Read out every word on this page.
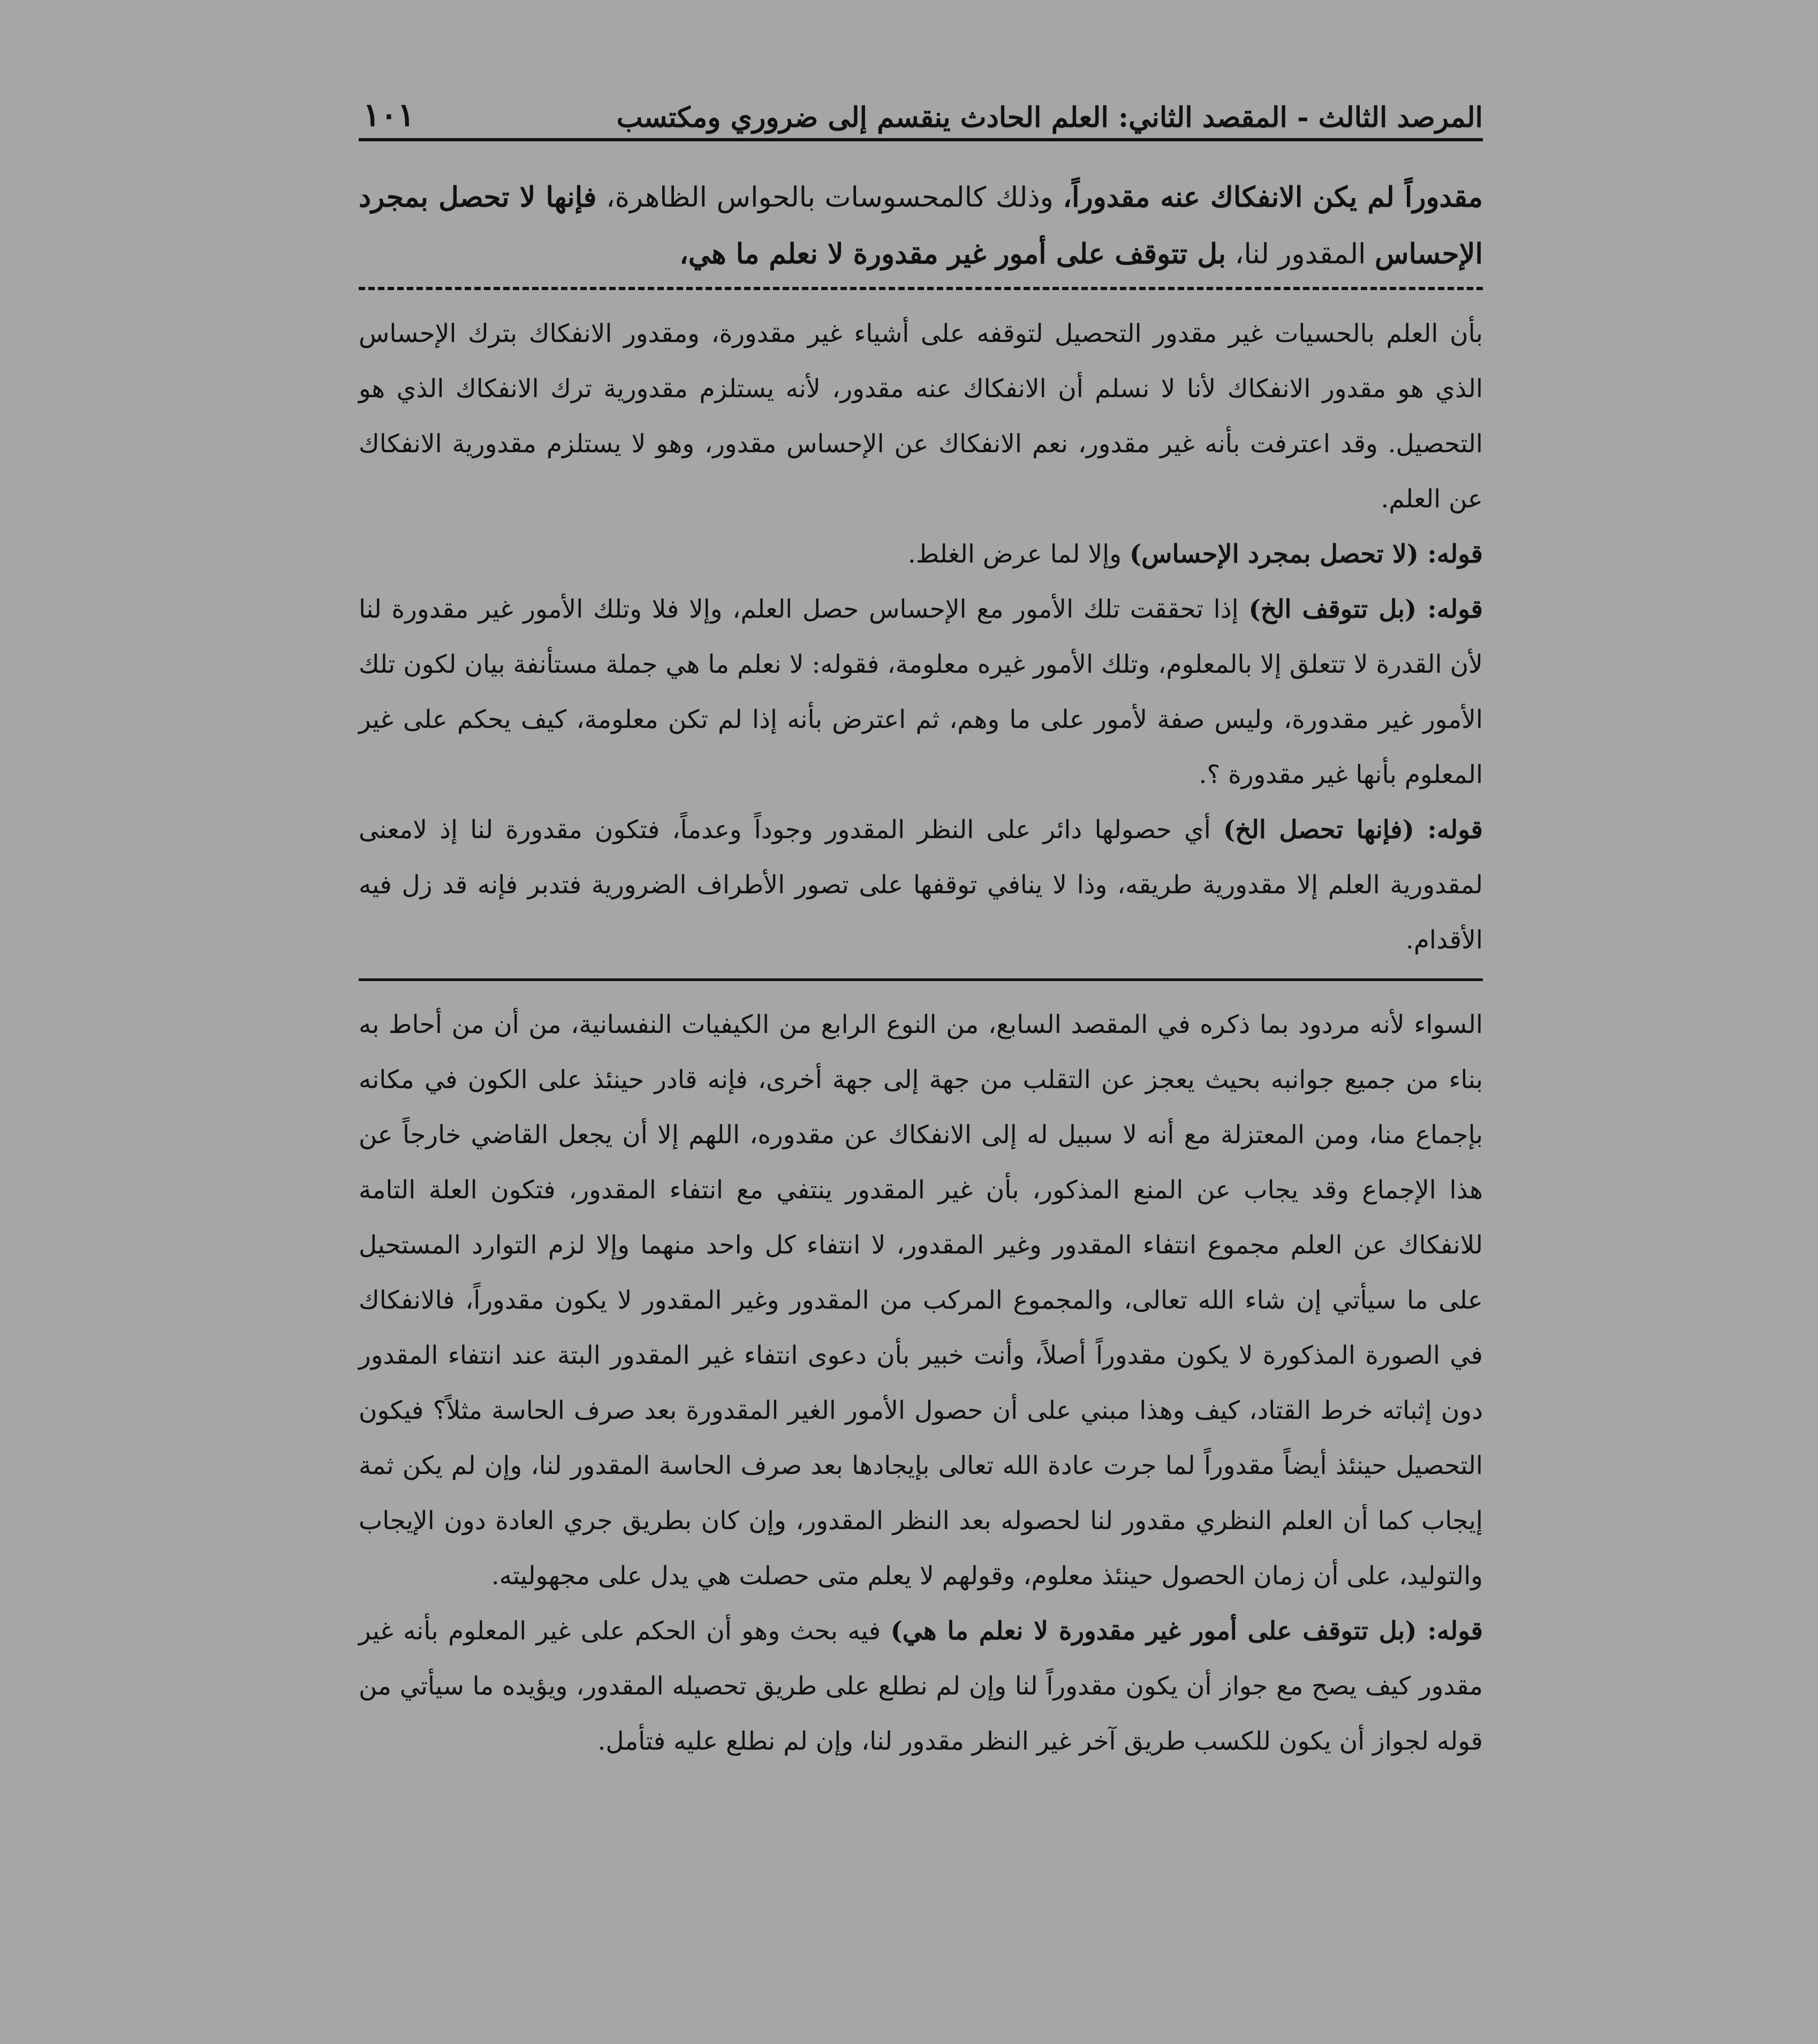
المرصد الثالث - المقصد الثاني: العلم الحادث ينقسم إلى ضروري ومكتسب
١٠١
مقدوراً لم يكن الانفكاك عنه مقدوراً، وذلك كالمحسوسات بالحواس الظاهرة، فإنها لا تحصل بمجرد الإحساس المقدور لنا، بل تتوقف على أمور غير مقدورة لا نعلم ما هي،

بأن العلم بالحسيات غير مقدور التحصيل لتوقفه على أشياء غير مقدورة، ومقدور الانفكاك بترك الإحساس الذي هو مقدور الانفكاك لأنا لا نسلم أن الانفكاك عنه مقدور، لأنه يستلزم مقدورية ترك الانفكاك الذي هو التحصيل. وقد اعترفت بأنه غير مقدور، نعم الانفكاك عن الإحساس مقدور، وهو لا يستلزم مقدورية الانفكاك عن العلم.

قوله: (لا تحصل بمجرد الإحساس) وإلا لما عرض الغلط.

قوله: (بل تتوقف الخ) إذا تحققت تلك الأمور مع الإحساس حصل العلم، وإلا فلا وتلك الأمور غير مقدورة لنا لأن القدرة لا تتعلق إلا بالمعلوم، وتلك الأمور غيره معلومة، فقوله: لا نعلم ما هي جملة مستأنفة بيان لكون تلك الأمور غير مقدورة، وليس صفة لأمور على ما وهم، ثم اعترض بأنه إذا لم تكن معلومة، كيف يحكم على غير المعلوم بأنها غير مقدورة ؟.

قوله: (فإنها تحصل الخ) أي حصولها دائر على النظر المقدور وجوداً وعدماً، فتكون مقدورة لنا إذ لامعنى لمقدورية العلم إلا مقدورية طريقه، وذا لا ينافي توقفها على تصور الأطراف الضرورية فتدبر فإنه قد زل فيه الأقدام.

السواء لأنه مردود بما ذكره في المقصد السابع، من النوع الرابع من الكيفيات النفسانية، من أن من أحاط به بناء من جميع جوانبه بحيث يعجز عن التقلب من جهة إلى جهة أخرى، فإنه قادر حينئذ على الكون في مكانه بإجماع منا، ومن المعتزلة مع أنه لا سبيل له إلى الانفكاك عن مقدوره، اللهم إلا أن يجعل القاضي خارجاً عن هذا الإجماع وقد يجاب عن المنع المذكور، بأن غير المقدور ينتفي مع انتفاء المقدور، فتكون العلة التامة للانفكاك عن العلم مجموع انتفاء المقدور وغير المقدور، لا انتفاء كل واحد منهما وإلا لزم التوارد المستحيل على ما سيأتي إن شاء الله تعالى، والمجموع المركب من المقدور وغير المقدور لا يكون مقدوراً، فالانفكاك في الصورة المذكورة لا يكون مقدوراً أصلاً، وأنت خبير بأن دعوى انتفاء غير المقدور البتة عند انتفاء المقدور دون إثباته خرط القتاد، كيف وهذا مبني على أن حصول الأمور الغير المقدورة بعد صرف الحاسة مثلاً؟ فيكون التحصيل حينئذ أيضاً مقدوراً لما جرت عادة الله تعالى بإيجادها بعد صرف الحاسة المقدور لنا، وإن لم يكن ثمة إيجاب كما أن العلم النظري مقدور لنا لحصوله بعد النظر المقدور، وإن كان بطريق جري العادة دون الإيجاب والتوليد، على أن زمان الحصول حينئذ معلوم، وقولهم لا يعلم متى حصلت هي يدل على مجهوليته.

قوله: (بل تتوقف على أمور غير مقدورة لا نعلم ما هي) فيه بحث وهو أن الحكم على غير المعلوم بأنه غير مقدور كيف يصح مع جواز أن يكون مقدوراً لنا وإن لم نطلع على طريق تحصيله المقدور، ويؤيده ما سيأتي من قوله لجواز أن يكون للكسب طريق آخر غير النظر مقدور لنا، وإن لم نطلع عليه فتأمل.
